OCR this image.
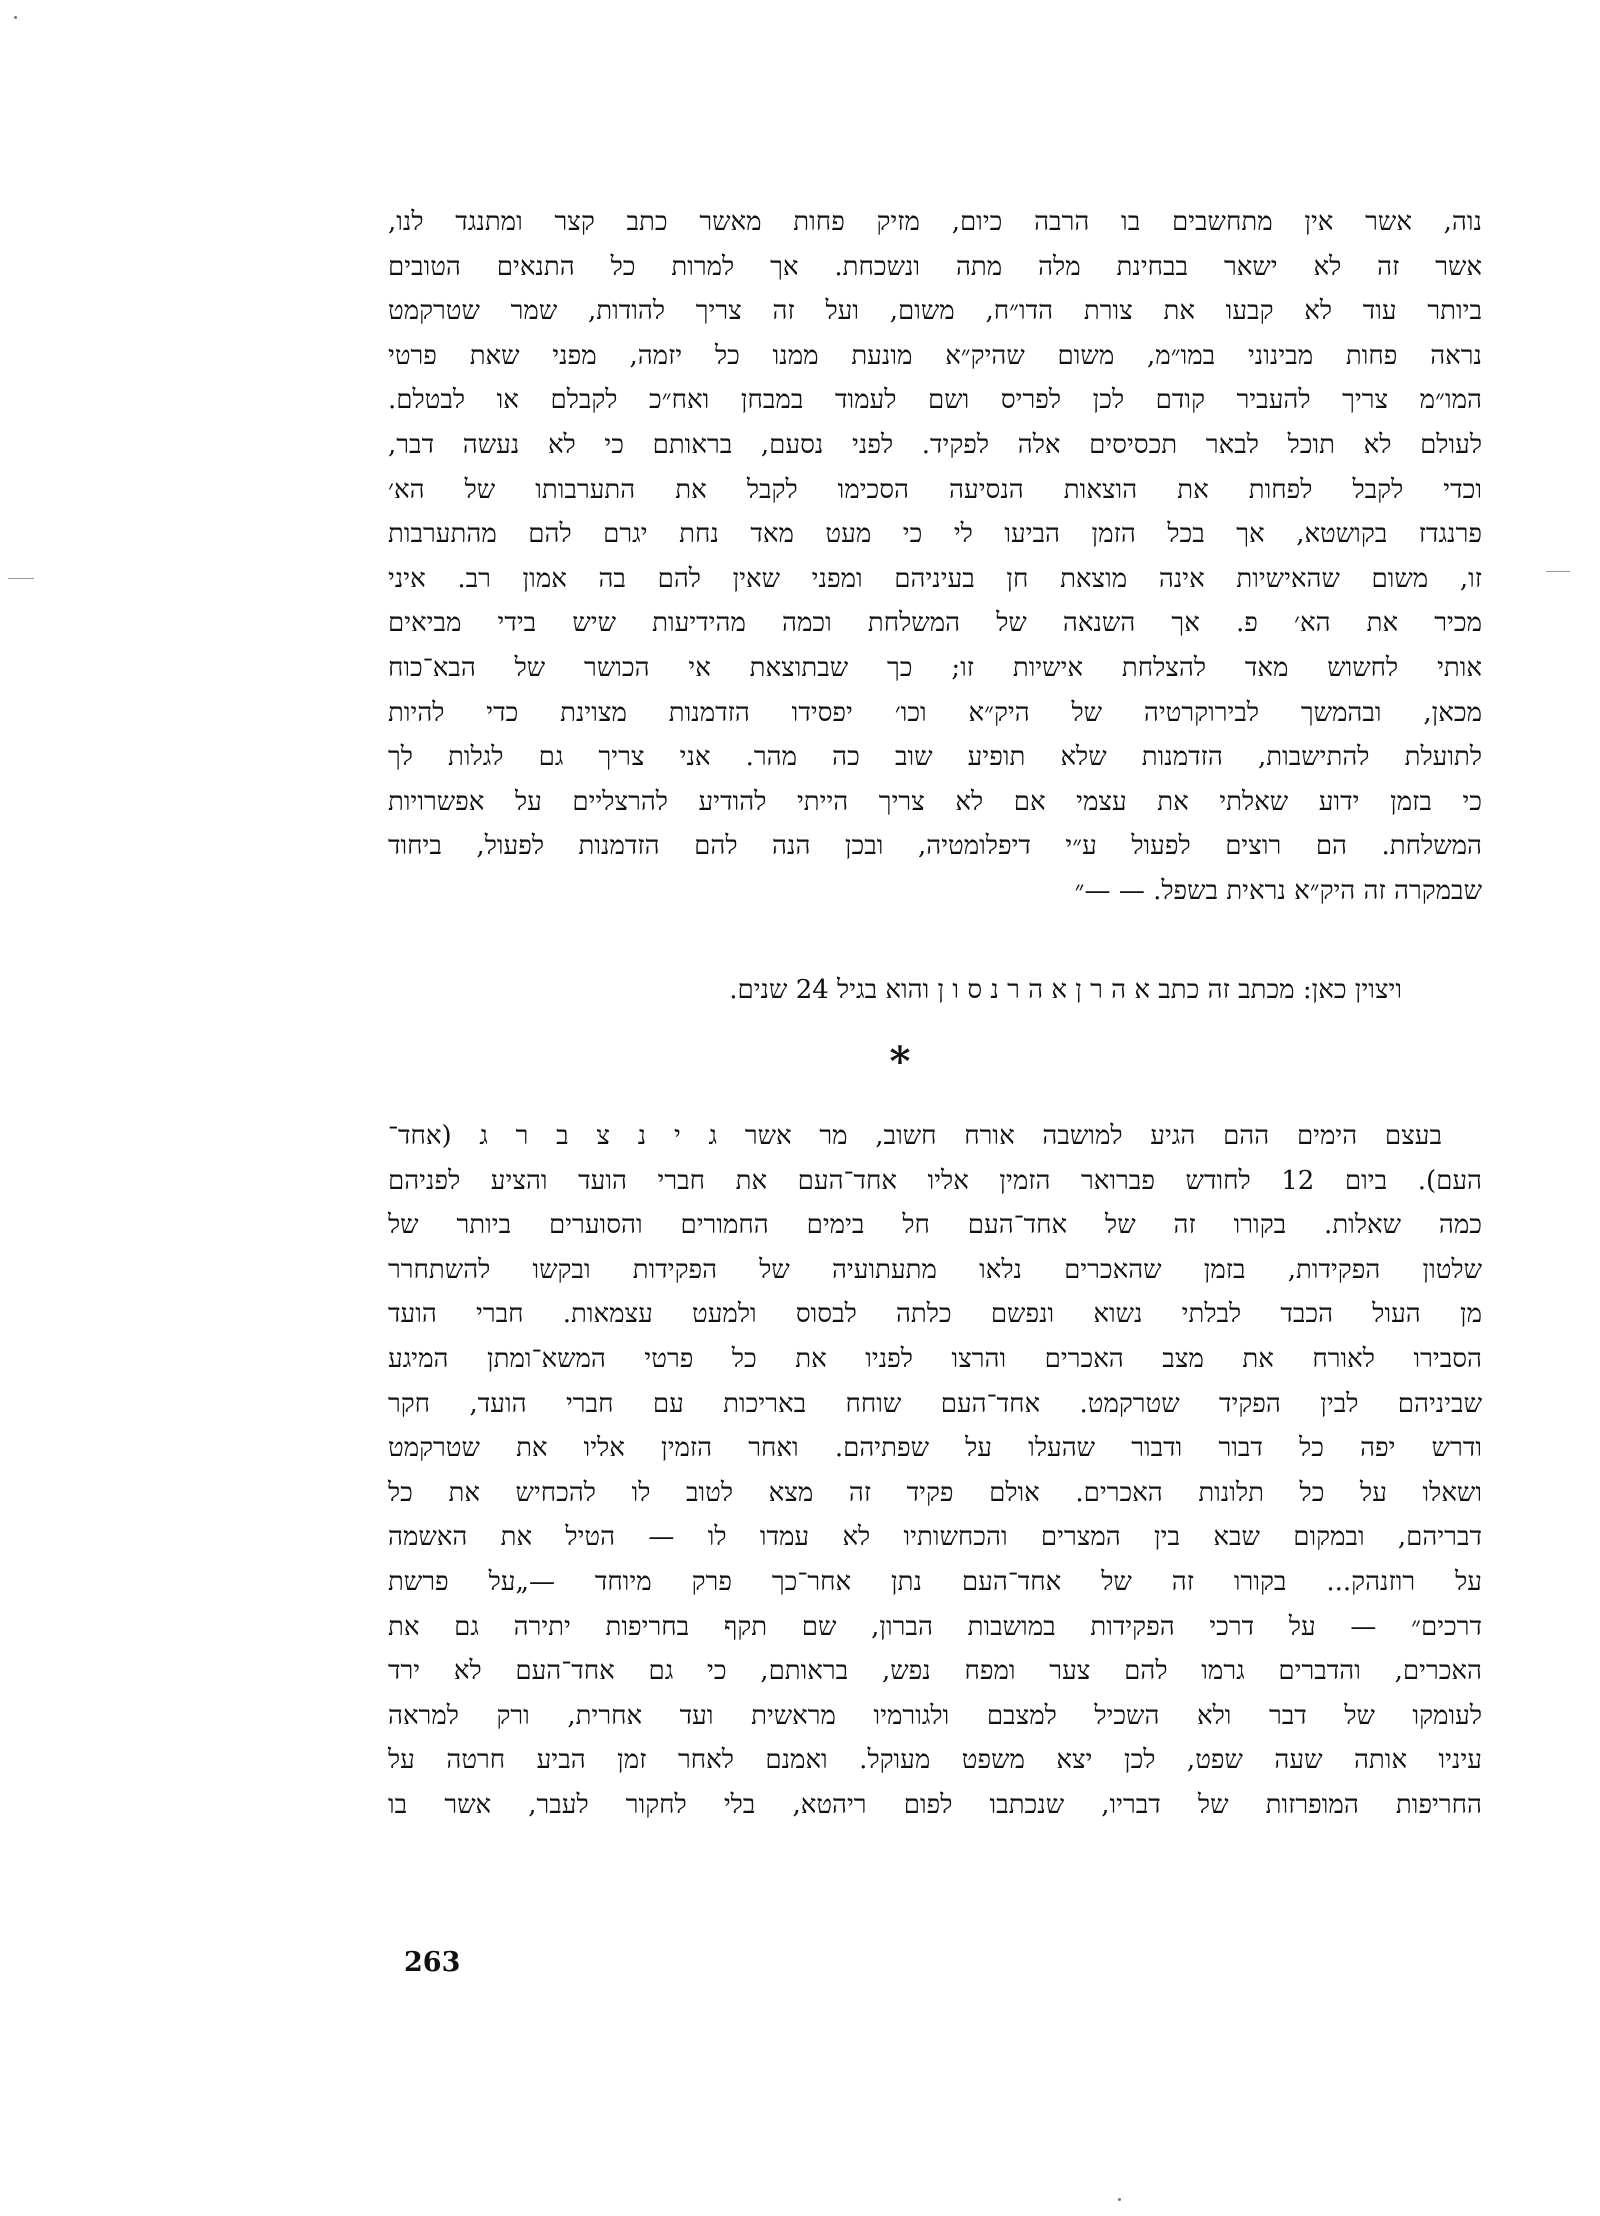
נוה, אשר אין מתחשבים בו הרבה כיום, מזיק פחות מאשר כתב קצר ומתנגד לנו,
אשר זה לא ישאר בבחינת מלה מתה ונשכחת. אך למרות כל התנאים הטובים
ביותר עוד לא קבעו את צורת הדו״ח, משום, ועל זה צריך להודות, שמר שטרקמט
נראה פחות מבינוני במו״מ, משום שהיק״א מונעת ממנו כל יזמה, מפני שאת פרטי
המו״מ צריך להעביר קודם לכן לפריס ושם לעמוד במבחן ואח״כ לקבלם או לבטלם.
לעולם לא תוכל לבאר תכסיסים אלה לפקיד. לפני נסעם, בראותם כי לא נעשה דבר,
וכדי לקבל לפחות את הוצאות הנסיעה הסכימו לקבל את התערבותו של הא׳
פרנגדז בקושטא, אך בכל הזמן הביעו לי כי מעט מאד נחת יגרם להם מהתערבות
זו, משום שהאישיות אינה מוצאת חן בעיניהם ומפני שאין להם בה אמון רב. איני
מכיר את הא׳ פ. אך השנאה של המשלחת וכמה מהידיעות שיש בידי מביאים
אותי לחשוש מאד להצלחת אישיות זו; כך שבתוצאת אי הכושר של הבא־כוח
מכאן, ובהמשך לבירוקרטיה של היק״א וכו׳ יפסידו הזדמנות מצוינת כדי להיות
לתועלת להתישבות, הזדמנות שלא תופיע שוב כה מהר. אני צריך גם לגלות לך
כי בזמן ידוע שאלתי את עצמי אם לא צריך הייתי להודיע להרצליים על אפשרויות
המשלחת. הם רוצים לפעול ע״י דיפלומטיה, ובכן הנה להם הזדמנות לפעול, ביחוד
שבמקרה זה היק״א נראית בשפל. — —״
ויצוין כאן: מכתב זה כתב א ה ר ן א ה ר נ ס ו ן והוא בגיל 24 שנים.
*
בעצם הימים ההם הגיע למושבה אורח חשוב, מר אשר ג י נ צ ב ר ג (אחד־
העם). ביום 12 לחודש פברואר הזמין אליו אחד־העם את חברי הועד והציע לפניהם
כמה שאלות. בקורו זה של אחד־העם חל בימים החמורים והסוערים ביותר של
שלטון הפקידות, בזמן שהאכרים נלאו מתעתועיה של הפקידות ובקשו להשתחרר
מן העול הכבד לבלתי נשוא ונפשם כלתה לבסוס ולמעט עצמאות. חברי הועד
הסבירו לאורח את מצב האכרים והרצו לפניו את כל פרטי המשא־ומתן המיגע
שביניהם לבין הפקיד שטרקמט. אחד־העם שוחח באריכות עם חברי הועד, חקר
ודרש יפה כל דבור ודבור שהעלו על שפתיהם. ואחר הזמין אליו את שטרקמט
ושאלו על כל תלונות האכרים. אולם פקיד זה מצא לטוב לו להכחיש את כל
דבריהם, ובמקום שבא בין המצרים והכחשותיו לא עמדו לו — הטיל את האשמה
על רוזנהק... בקורו זה של אחד־העם נתן אחר־כך פרק מיוחד —„על פרשת
דרכים״ — על דרכי הפקידות במושבות הברון, שם תקף בחריפות יתירה גם את
האכרים, והדברים גרמו להם צער ומפח נפש, בראותם, כי גם אחד־העם לא ירד
לעומקו של דבר ולא השכיל למצבם ולגורמיו מראשית ועד אחרית, ורק למראה
עיניו אותה שעה שפט, לכן יצא משפט מעוקל. ואמנם לאחר זמן הביע חרטה על
החריפות המופרזות של דבריו, שנכתבו לפום ריהטא, בלי לחקור לעבר, אשר בו
263
